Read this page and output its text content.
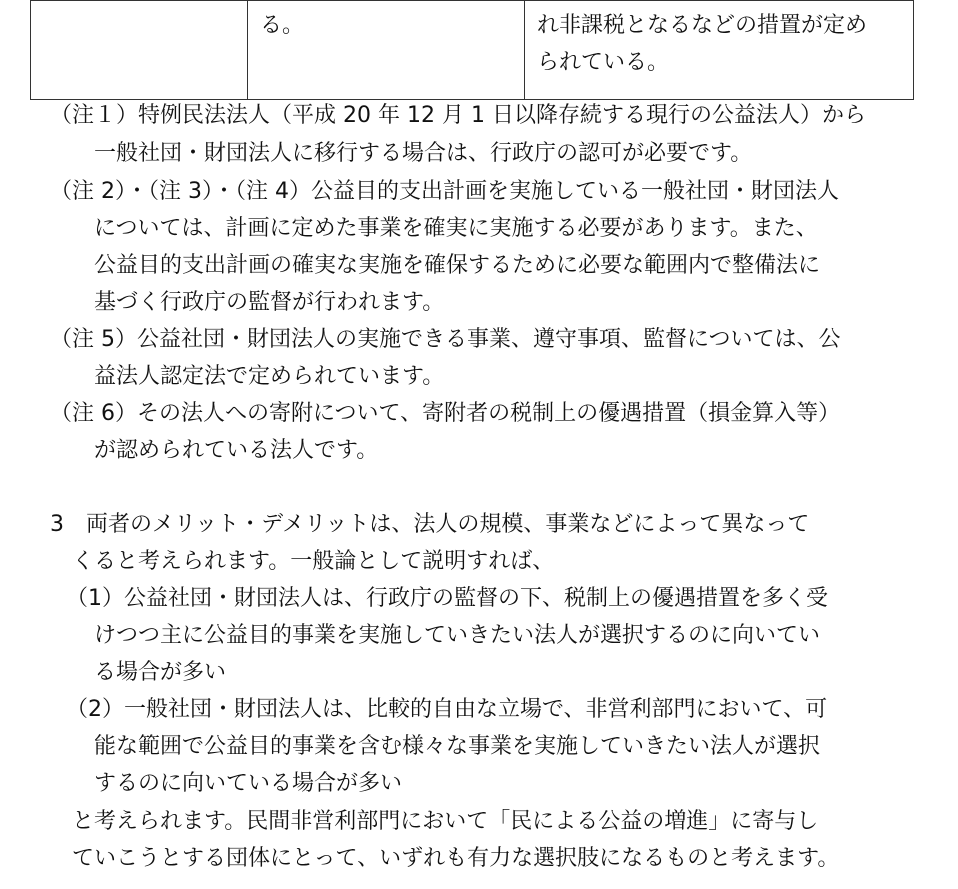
	る。	れ非課税となるなどの措置が定め
られている。
（注１）特例民法法人（平成 20 年 12 月 1 日以降存続する現行の公益法人）から
一般社団・財団法人に移行する場合は、行政庁の認可が必要です。
（注 2）・（注 3）・（注 4）公益目的支出計画を実施している一般社団・財団法人
については、計画に定めた事業を確実に実施する必要があります。また、
公益目的支出計画の確実な実施を確保するために必要な範囲内で整備法に
基づく行政庁の監督が行われます。
（注 5）公益社団・財団法人の実施できる事業、遵守事項、監督については、公
益法人認定法で定められています。
（注 6）その法人への寄附について、寄附者の税制上の優遇措置（損金算入等）
が認められている法人です。
3　両者のメリット・デメリットは、法人の規模、事業などによって異なって
くると考えられます。一般論として説明すれば、
（1）公益社団・財団法人は、行政庁の監督の下、税制上の優遇措置を多く受
けつつ主に公益目的事業を実施していきたい法人が選択するのに向いてい
る場合が多い
（2）一般社団・財団法人は、比較的自由な立場で、非営利部門において、可
能な範囲で公益目的事業を含む様々な事業を実施していきたい法人が選択
するのに向いている場合が多い
と考えられます。民間非営利部門において「民による公益の増進」に寄与し
ていこうとする団体にとって、いずれも有力な選択肢になるものと考えます。
